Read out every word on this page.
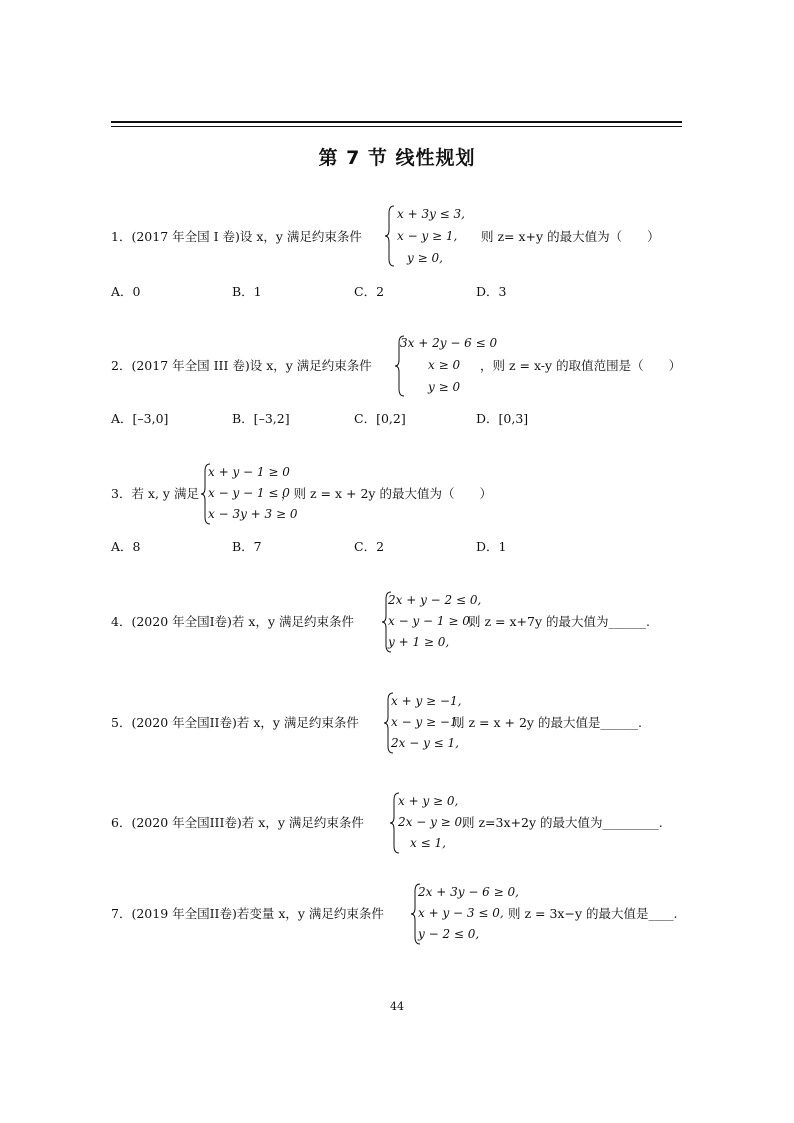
第 7 节 线性规划
1．(2017 年全国 I 卷)设 x，y 满足约束条件
x + 3y ≤ 3,
x − y ≥ 1,
y ≥ 0,
则 z= x+y 的最大值为（　　）
A．0	B．1	C．2	D．3
2．(2017 年全国 III 卷)设 x，y 满足约束条件
3x + 2y − 6 ≤ 0
x ≥ 0
y ≥ 0
，则 z = x-y 的取值范围是（　　）
A．[–3,0]	B．[–3,2]	C．[0,2]	D．[0,3]
3．若 x, y 满足
x + y − 1 ≥ 0
x − y − 1 ≤ 0
x − 3y + 3 ≥ 0
，则 z = x + 2y 的最大值为（　　）
A．8	B．7	C．2	D．1
4．(2020 年全国I卷)若 x，y 满足约束条件
2x + y − 2 ≤ 0,
x − y − 1 ≥ 0,
y + 1 ≥ 0,
则 z = x+7y 的最大值为______.
5．(2020 年全国II卷)若 x，y 满足约束条件
x + y ≥ −1,
x − y ≥ −1,
2x − y ≤ 1,
则 z = x + 2y 的最大值是______.
6．(2020 年全国III卷)若 x，y 满足约束条件
x + y ≥ 0,
2x − y ≥ 0,
x ≤ 1,
则 z=3x+2y 的最大值为_________.
7．(2019 年全国II卷)若变量 x，y 满足约束条件
2x + 3y − 6 ≥ 0,
x + y − 3 ≤ 0,
y − 2 ≤ 0,
则 z = 3x−y 的最大值是____.
44
